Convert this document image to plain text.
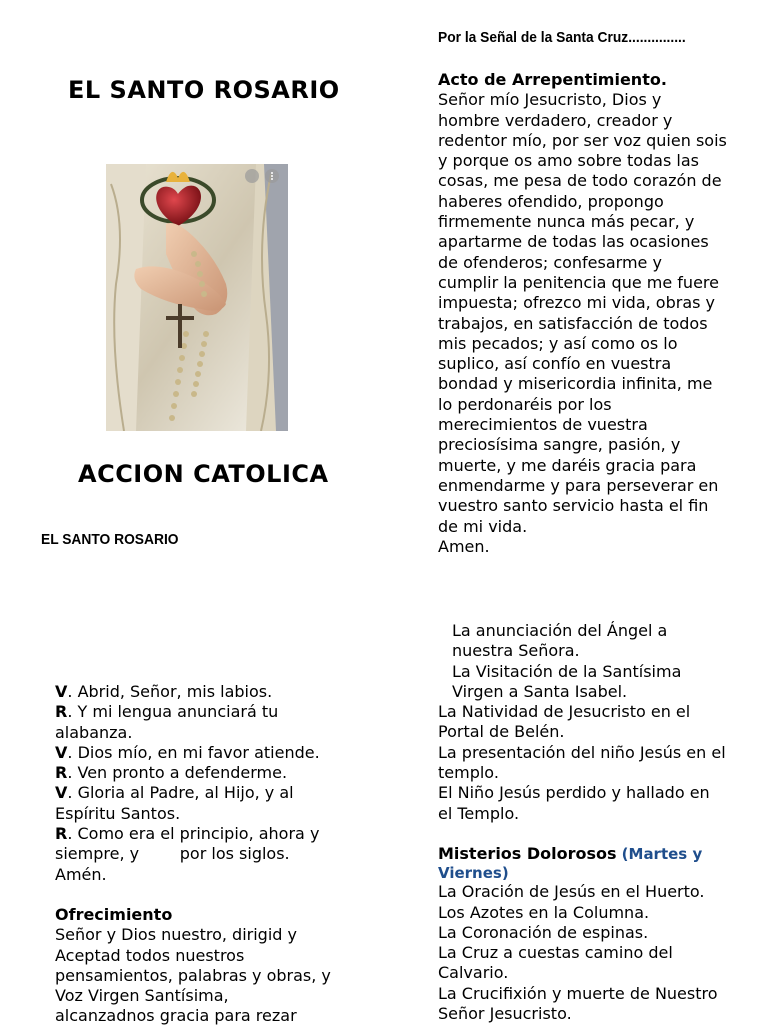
EL SANTO ROSARIO
ACCION CATOLICA
EL SANTO ROSARIO
V. Abrid, Señor, mis labios.
R. Y mi lengua anunciará tu
alabanza.
V. Dios mío, en mi favor atiende.
R. Ven pronto a defenderme.
V. Gloria al Padre, al Hijo, y al
Espíritu Santos.
R. Como era el principio, ahora y
siempre, y        por los siglos.
Amén.
Ofrecimiento
Señor y Dios nuestro, dirigid y
Aceptad todos nuestros
pensamientos, palabras y obras, y
Voz Virgen Santísima,
alcanzadnos gracia para rezar
Por la Señal de la Santa Cruz...............
Acto de Arrepentimiento.
Señor mío Jesucristo, Dios y
hombre verdadero, creador y
redentor mío, por ser voz quien sois
y porque os amo sobre todas las
cosas, me pesa de todo corazón de
haberes ofendido, propongo
firmemente nunca más pecar, y
apartarme de todas las ocasiones
de ofenderos; confesarme y
cumplir la penitencia que me fuere
impuesta; ofrezco mi vida, obras y
trabajos, en satisfacción de todos
mis pecados; y así como os lo
suplico, así confío en vuestra
bondad y misericordia infinita, me
lo perdonaréis por los
merecimientos de vuestra
preciosísima sangre, pasión, y
muerte, y me daréis gracia para
enmendarme y para perseverar en
vuestro santo servicio hasta el fin
de mi vida.
Amen.
La anunciación del Ángel a
nuestra Señora.
La Visitación de la Santísima
Virgen a Santa Isabel.
La Natividad de Jesucristo en el
Portal de Belén.
La presentación del niño Jesús en el
templo.
El Niño Jesús perdido y hallado en
el Templo.
Misterios Dolorosos (Martes y
Viernes)
La Oración de Jesús en el Huerto.
Los Azotes en la Columna.
La Coronación de espinas.
La Cruz a cuestas camino del
Calvario.
La Crucifixión y muerte de Nuestro
Señor Jesucristo.
